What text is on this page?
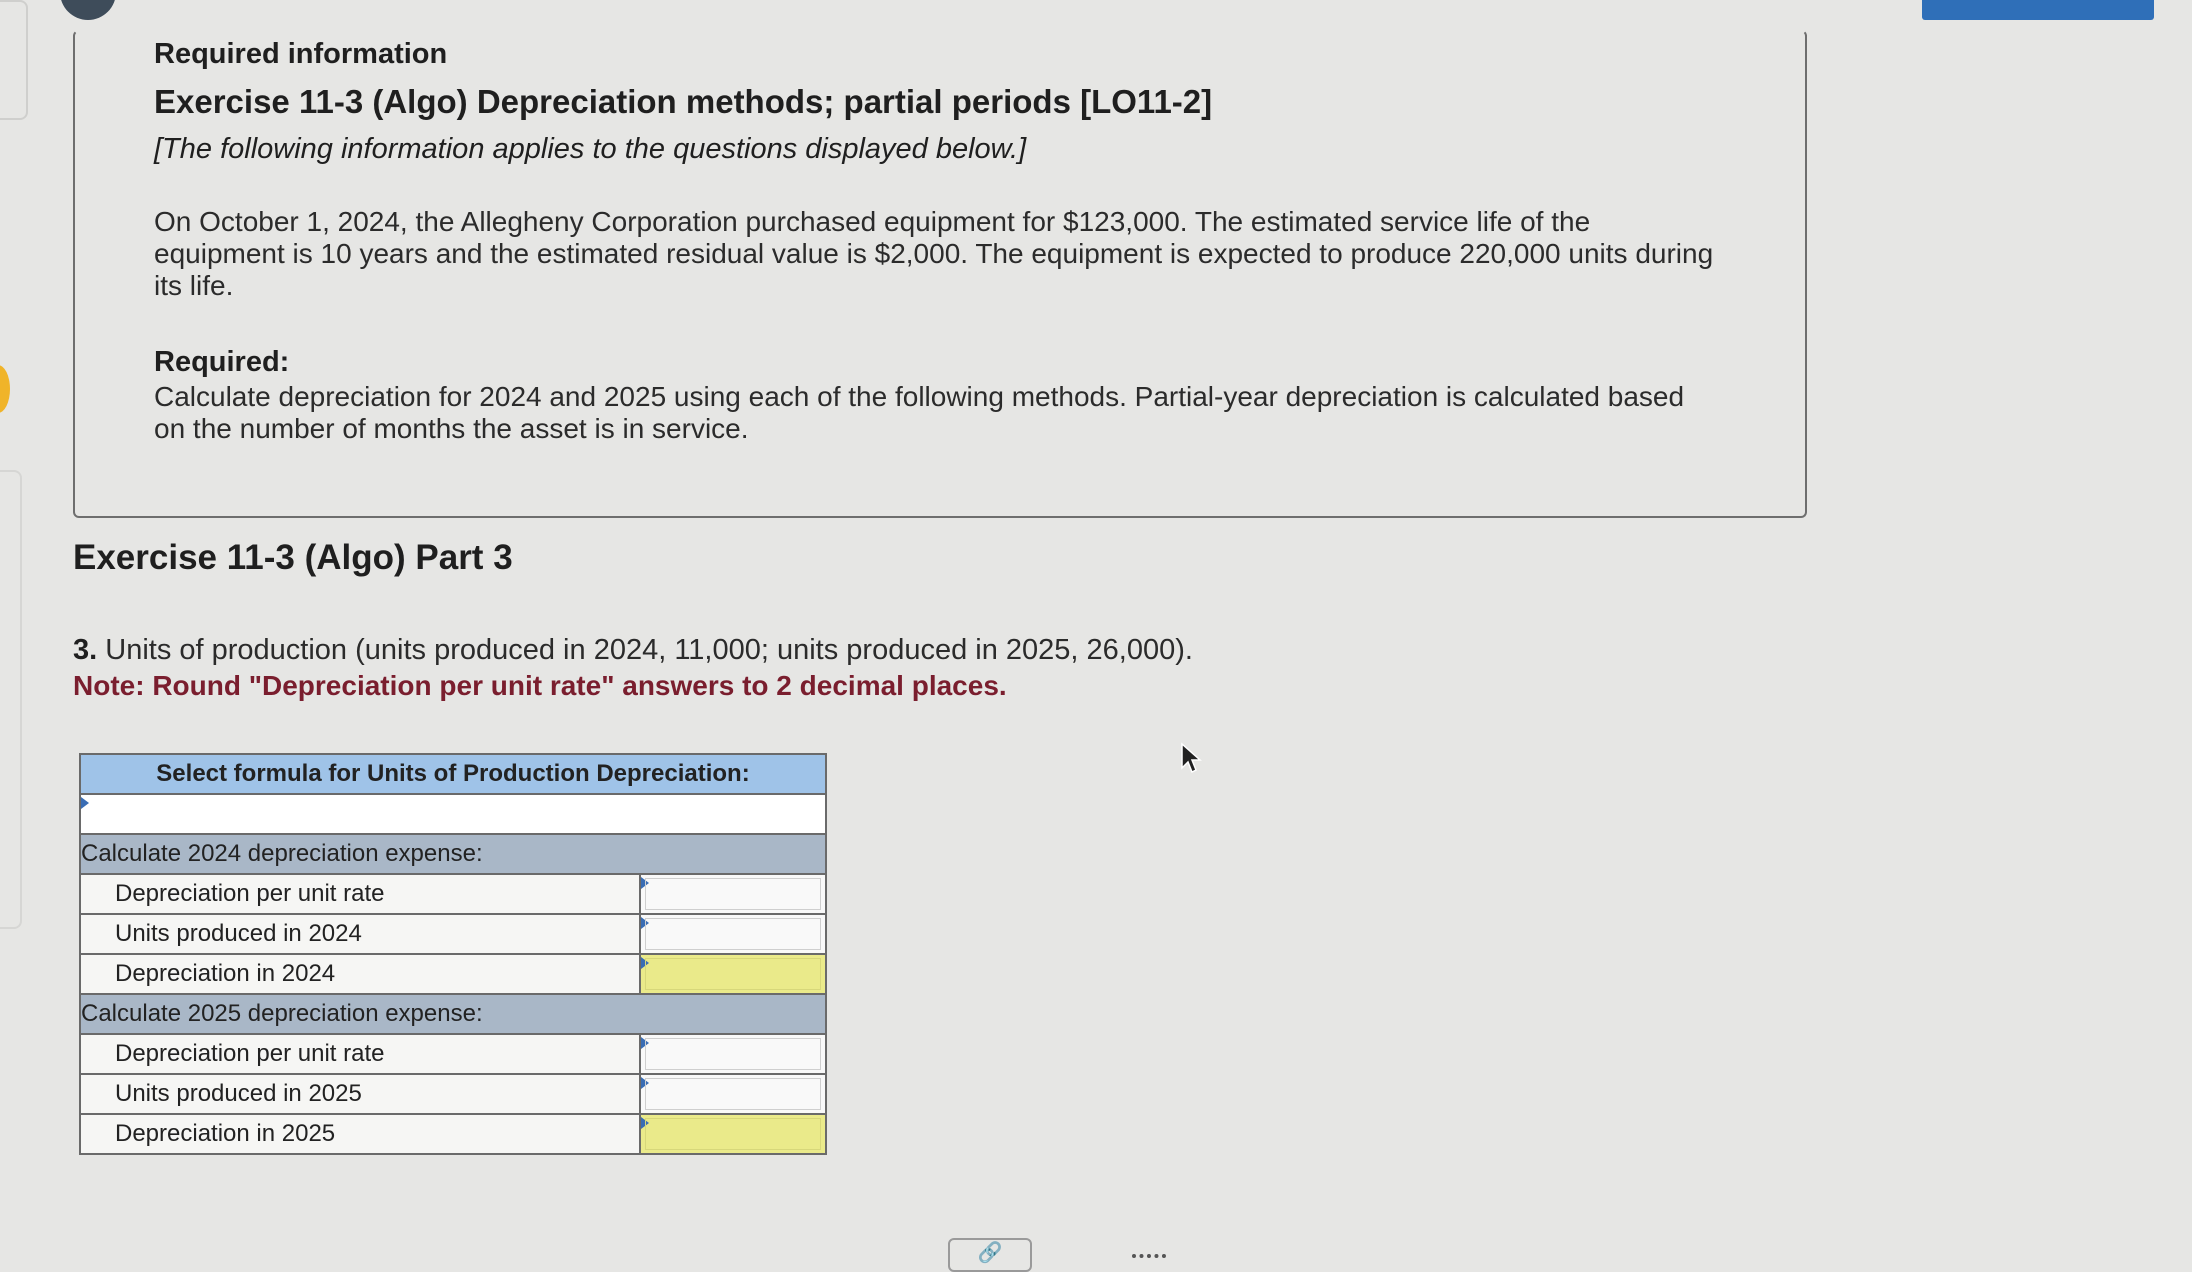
Required information

Exercise 11-3 (Algo) Depreciation methods; partial periods [LO11-2]

[The following information applies to the questions displayed below.]

On October 1, 2024, the Allegheny Corporation purchased equipment for $123,000. The estimated service life of the equipment is 10 years and the estimated residual value is $2,000. The equipment is expected to produce 220,000 units during its life.

Required:

Calculate depreciation for 2024 and 2025 using each of the following methods. Partial-year depreciation is calculated based on the number of months the asset is in service.

Exercise 11-3 (Algo) Part 3
3. Units of production (units produced in 2024, 11,000; units produced in 2025, 26,000).
Note: Round "Depreciation per unit rate" answers to 2 decimal places.
Select formula for Units of Production Depreciation:	

Calculate 2024 depreciation expense:	
Depreciation per unit rate	

Units produced in 2024	

Depreciation in 2024	

Calculate 2025 depreciation expense:	
Depreciation per unit rate	

Units produced in 2025	

Depreciation in 2025	
🔗
